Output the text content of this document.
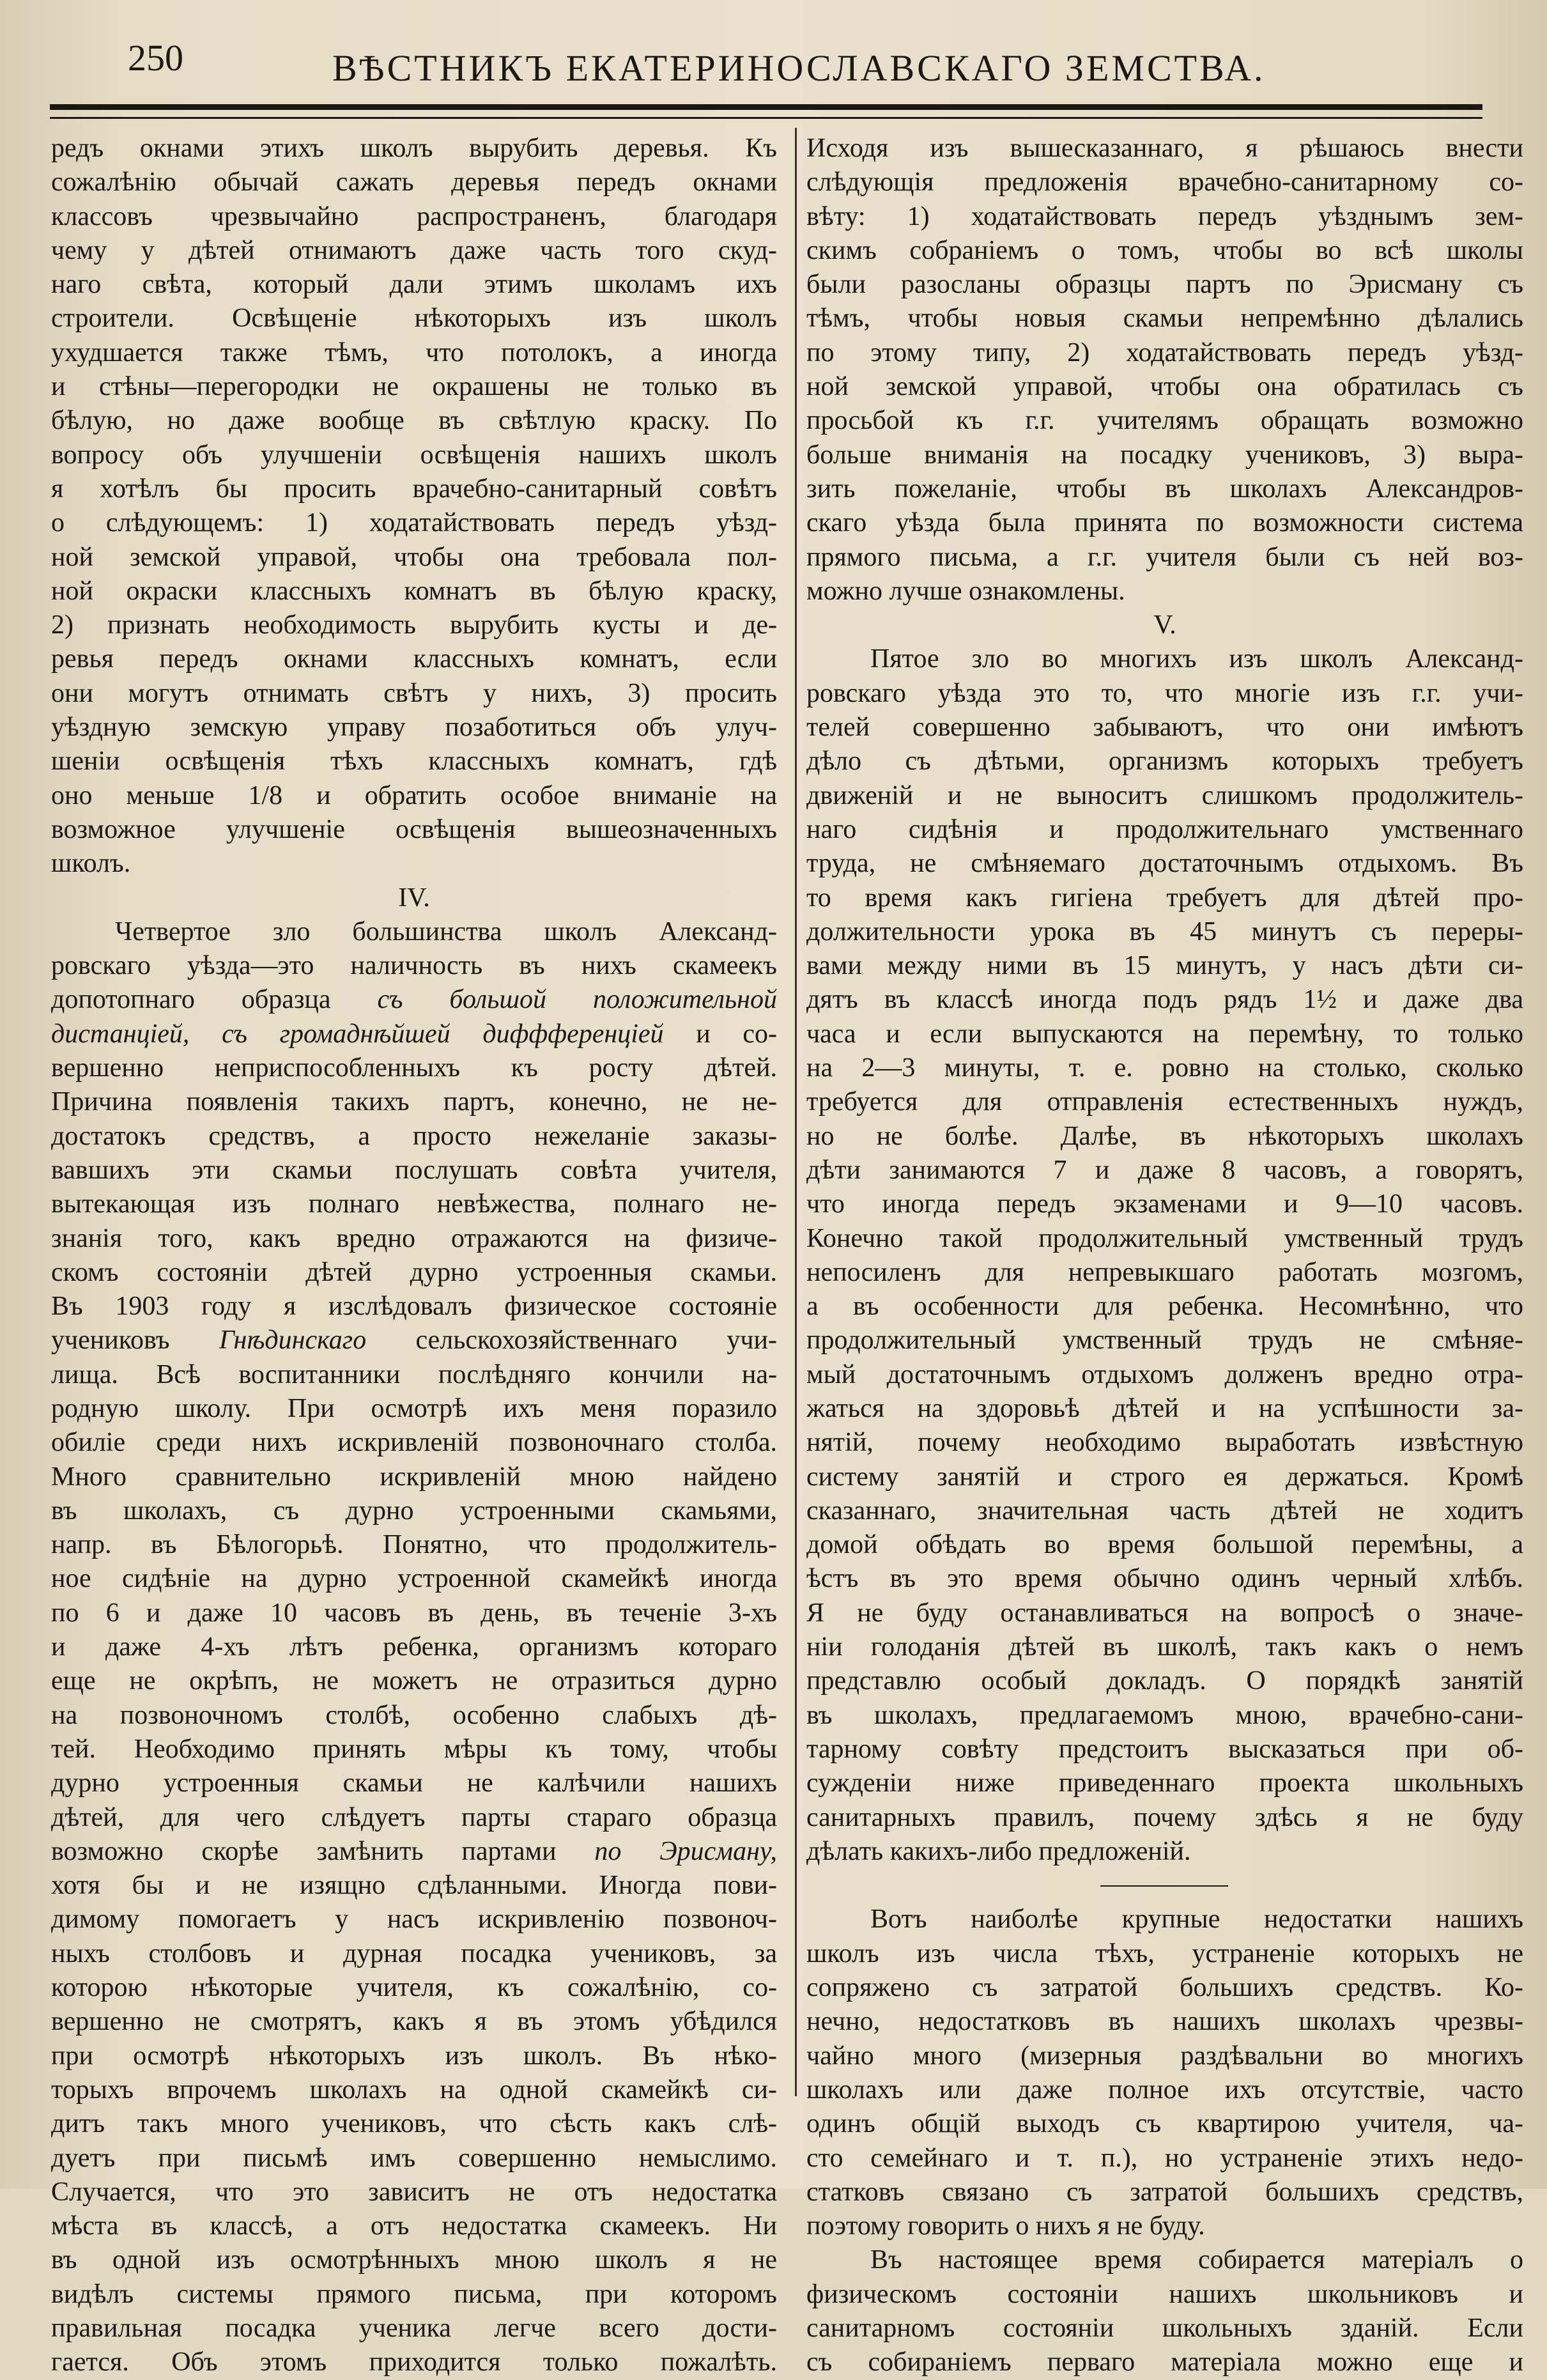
250	ВѢСТНИКЪ ЕКАТЕРИНОСЛАВСКАГО ЗЕМСТВА.
редъ окнами этихъ школъ вырубить деревья. Къ
сожалѣнію обычай сажать деревья передъ окнами
классовъ чрезвычайно распространенъ, благодаря
чему у дѣтей отнимаютъ даже часть того скуд-
наго свѣта, который дали этимъ школамъ ихъ
строители. Освѣщеніе нѣкоторыхъ изъ школъ
ухудшается также тѣмъ, что потолокъ, а иногда
и стѣны—перегородки не окрашены не только въ
бѣлую, но даже вообще въ свѣтлую краску. По
вопросу объ улучшеніи освѣщенія нашихъ школъ
я хотѣлъ бы просить врачебно-санитарный совѣтъ
о слѣдующемъ: 1) ходатайствовать передъ уѣзд-
ной земской управой, чтобы она требовала пол-
ной окраски классныхъ комнатъ въ бѣлую краску,
2) признать необходимость вырубить кусты и де-
ревья передъ окнами классныхъ комнатъ, если
они могутъ отнимать свѣтъ у нихъ, 3) просить
уѣздную земскую управу позаботиться объ улуч-
шеніи освѣщенія тѣхъ классныхъ комнатъ, гдѣ
оно меньше 1/8 и обратить особое вниманіе на
возможное улучшеніе освѣщенія вышеозначенныхъ
школъ.
IV.
Четвертое зло большинства школъ Александ-
ровскаго уѣзда—это наличность въ нихъ скамеекъ
допотопнаго образца съ большой положительной
дистанціей, съ громаднѣйшей диффференціей и со-
вершенно неприспособленныхъ къ росту дѣтей.
Причина появленія такихъ партъ, конечно, не не-
достатокъ средствъ, а просто нежеланіе заказы-
вавшихъ эти скамьи послушать совѣта учителя,
вытекающая изъ полнаго невѣжества, полнаго не-
знанія того, какъ вредно отражаются на физиче-
скомъ состояніи дѣтей дурно устроенныя скамьи.
Въ 1903 году я изслѣдовалъ физическое состояніе
учениковъ Гнѣдинскаго сельскохозяйственнаго учи-
лища. Всѣ воспитанники послѣдняго кончили на-
родную школу. При осмотрѣ ихъ меня поразило
обиліе среди нихъ искривленій позвоночнаго столба.
Много сравнительно искривленій мною найдено
въ школахъ, съ дурно устроенными скамьями,
напр. въ Бѣлогорьѣ. Понятно, что продолжитель-
ное сидѣніе на дурно устроенной скамейкѣ иногда
по 6 и даже 10 часовъ въ день, въ теченіе 3-хъ
и даже 4-хъ лѣтъ ребенка, организмъ котораго
еще не окрѣпъ, не можетъ не отразиться дурно
на позвоночномъ столбѣ, особенно слабыхъ дѣ-
тей. Необходимо принять мѣры къ тому, чтобы
дурно устроенныя скамьи не калѣчили нашихъ
дѣтей, для чего слѣдуетъ парты стараго образца
возможно скорѣе замѣнить партами по Эрисману,
хотя бы и не изящно сдѣланными. Иногда пови-
димому помогаетъ у насъ искривленію позвоноч-
ныхъ столбовъ и дурная посадка учениковъ, за
которою нѣкоторые учителя, къ сожалѣнію, со-
вершенно не смотрятъ, какъ я въ этомъ убѣдился
при осмотрѣ нѣкоторыхъ изъ школъ. Въ нѣко-
торыхъ впрочемъ школахъ на одной скамейкѣ си-
дитъ такъ много учениковъ, что сѣсть какъ слѣ-
дуетъ при письмѣ имъ совершенно немыслимо.
Случается, что это зависитъ не отъ недостатка
мѣста въ классѣ, а отъ недостатка скамеекъ. Ни
въ одной изъ осмотрѣнныхъ мною школъ я не
видѣлъ системы прямого письма, при которомъ
правильная посадка ученика легче всего дости-
гается. Объ этомъ приходится только пожалѣть.
Исходя изъ вышесказаннаго, я рѣшаюсь внести
слѣдующія предложенія врачебно-санитарному со-
вѣту: 1) ходатайствовать передъ уѣзднымъ зем-
скимъ собраніемъ о томъ, чтобы во всѣ школы
были разосланы образцы партъ по Эрисману съ
тѣмъ, чтобы новыя скамьи непремѣнно дѣлались
по этому типу, 2) ходатайствовать передъ уѣзд-
ной земской управой, чтобы она обратилась съ
просьбой къ г.г. учителямъ обращать возможно
больше вниманія на посадку учениковъ, 3) выра-
зить пожеланіе, чтобы въ школахъ Александров-
скаго уѣзда была принята по возможности система
прямого письма, а г.г. учителя были съ ней воз-
можно лучше ознакомлены.
V.
Пятое зло во многихъ изъ школъ Александ-
ровскаго уѣзда это то, что многіе изъ г.г. учи-
телей совершенно забываютъ, что они имѣютъ
дѣло съ дѣтьми, организмъ которыхъ требуетъ
движеній и не выноситъ слишкомъ продолжитель-
наго сидѣнія и продолжительнаго умственнаго
труда, не смѣняемаго достаточнымъ отдыхомъ. Въ
то время какъ гигіена требуетъ для дѣтей про-
должительности урока въ 45 минутъ съ переры-
вами между ними въ 15 минутъ, у насъ дѣти си-
дятъ въ классѣ иногда подъ рядъ 1½ и даже два
часа и если выпускаются на перемѣну, то только
на 2—3 минуты, т. е. ровно на столько, сколько
требуется для отправленія естественныхъ нуждъ,
но не болѣе. Далѣе, въ нѣкоторыхъ школахъ
дѣти занимаются 7 и даже 8 часовъ, а говорятъ,
что иногда передъ экзаменами и 9—10 часовъ.
Конечно такой продолжительный умственный трудъ
непосиленъ для непревыкшаго работать мозгомъ,
а въ особенности для ребенка. Несомнѣнно, что
продолжительный умственный трудъ не смѣняе-
мый достаточнымъ отдыхомъ долженъ вредно отра-
жаться на здоровьѣ дѣтей и на успѣшности за-
нятій, почему необходимо выработать извѣстную
систему занятій и строго ея держаться. Кромѣ
сказаннаго, значительная часть дѣтей не ходитъ
домой обѣдать во время большой перемѣны, а
ѣстъ въ это время обычно одинъ черный хлѣбъ.
Я не буду останавливаться на вопросѣ о значе-
ніи голоданія дѣтей въ школѣ, такъ какъ о немъ
представлю особый докладъ. О порядкѣ занятій
въ школахъ, предлагаемомъ мною, врачебно-сани-
тарному совѣту предстоитъ высказаться при об-
сужденіи ниже приведеннаго проекта школьныхъ
санитарныхъ правилъ, почему здѣсь я не буду
дѣлать какихъ-либо предложеній.
Вотъ наиболѣе крупные недостатки нашихъ
школъ изъ числа тѣхъ, устраненіе которыхъ не
сопряжено съ затратой большихъ средствъ. Ко-
нечно, недостатковъ въ нашихъ школахъ чрезвы-
чайно много (мизерныя раздѣвальни во многихъ
школахъ или даже полное ихъ отсутствіе, часто
одинъ общій выходъ съ квартирою учителя, ча-
сто семейнаго и т. п.), но устраненіе этихъ недо-
статковъ связано съ затратой большихъ средствъ,
поэтому говорить о нихъ я не буду.
Въ настоящее время собирается матеріалъ о
физическомъ состояніи нашихъ школьниковъ и
санитарномъ состояніи школьныхъ зданій. Если
съ собираніемъ перваго матеріала можно еще и
